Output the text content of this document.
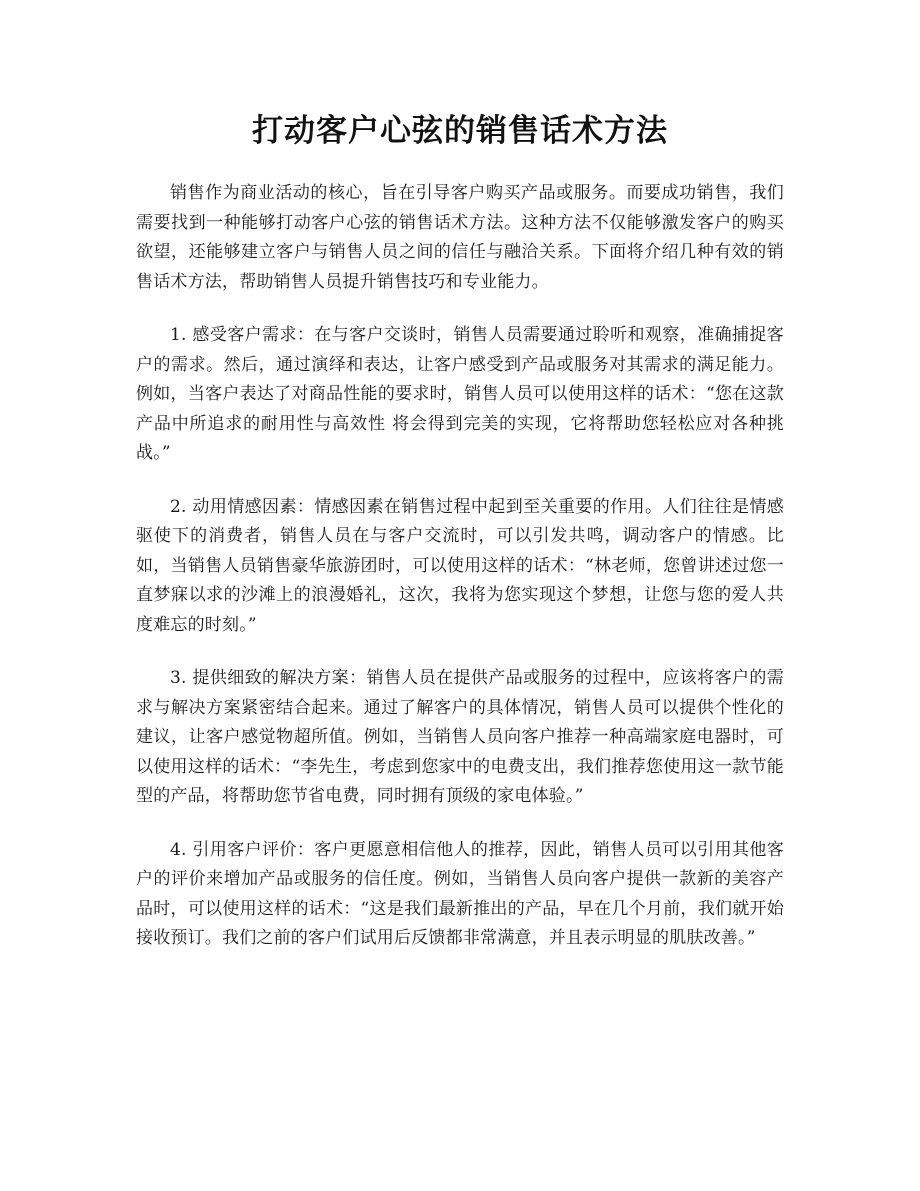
打动客户心弦的销售话术方法

销售作为商业活动的核心，旨在引导客户购买产品或服务。而要成功销售，我们需要找到一种能够打动客户心弦的销售话术方法。这种方法不仅能够激发客户的购买欲望，还能够建立客户与销售人员之间的信任与融洽关系。下面将介绍几种有效的销售话术方法，帮助销售人员提升销售技巧和专业能力。

1. 感受客户需求：在与客户交谈时，销售人员需要通过聆听和观察，准确捕捉客户的需求。然后，通过演绎和表达，让客户感受到产品或服务对其需求的满足能力。例如，当客户表达了对商品性能的要求时，销售人员可以使用这样的话术：“您在这款产品中所追求的耐用性与高效性 将会得到完美的实现，它将帮助您轻松应对各种挑战。”

2. 动用情感因素：情感因素在销售过程中起到至关重要的作用。人们往往是情感驱使下的消费者，销售人员在与客户交流时，可以引发共鸣，调动客户的情感。比如，当销售人员销售豪华旅游团时，可以使用这样的话术：“林老师，您曾讲述过您一直梦寐以求的沙滩上的浪漫婚礼，这次，我将为您实现这个梦想，让您与您的爱人共度难忘的时刻。”

3. 提供细致的解决方案：销售人员在提供产品或服务的过程中，应该将客户的需求与解决方案紧密结合起来。通过了解客户的具体情况，销售人员可以提供个性化的建议，让客户感觉物超所值。例如，当销售人员向客户推荐一种高端家庭电器时，可以使用这样的话术：“李先生，考虑到您家中的电费支出，我们推荐您使用这一款节能型的产品，将帮助您节省电费，同时拥有顶级的家电体验。”

4. 引用客户评价：客户更愿意相信他人的推荐，因此，销售人员可以引用其他客户的评价来增加产品或服务的信任度。例如，当销售人员向客户提供一款新的美容产品时，可以使用这样的话术：“这是我们最新推出的产品，早在几个月前，我们就开始接收预订。我们之前的客户们试用后反馈都非常满意，并且表示明显的肌肤改善。”
